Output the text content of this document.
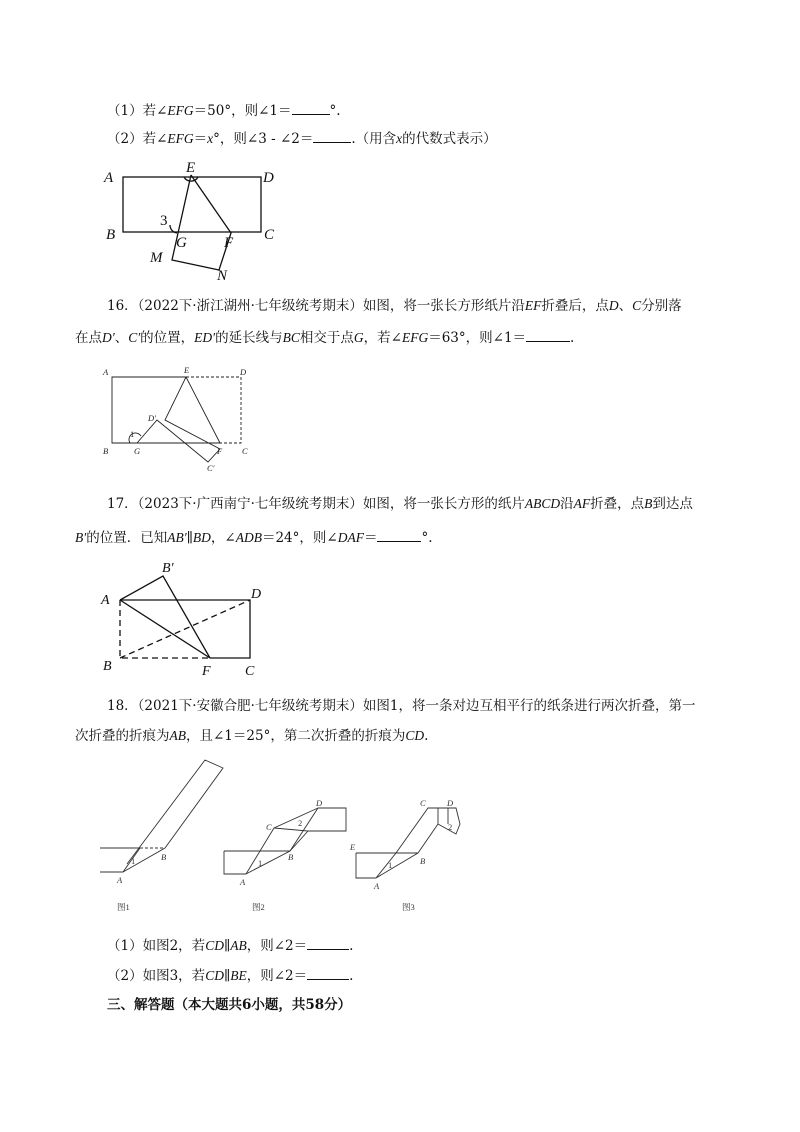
（1）若∠EFG＝50°，则∠1＝	°.
（2）若∠EFG＝x°，则∠3 - ∠2＝	.（用含x的代数式表示）
A
E
D
B	G F C
M
N
3
16．（2022下·浙江湖州·七年级统考期末）如图，将一张长方形纸片沿EF折叠后，点D、C分别落
在点D′、C′的位置，ED′的延长线与BC相交于点G，若∠EFG＝63°，则∠1＝	.
A	E	D
D′
1
B	G	F C
C′
17．（2023下·广西南宁·七年级统考期末）如图，将一张长方形的纸片ABCD沿AF折叠，点B到达点
B′的位置．已知AB′∥BD，∠ADB＝24°，则∠DAF＝	°.
B′
A	D
B	F C
18．（2021下·安徽合肥·七年级统考期末）如图1，将一条对边互相平行的纸条进行两次折叠，第一
次折叠的折痕为AB，且∠1＝25°，第二次折叠的折痕为CD.
A
B
1
图1
A
B
C
D
1
2
图2
E
A
B
C	D
1
2
图3
（1）如图2，若CD∥AB，则∠2＝	.
（2）如图3，若CD∥BE，则∠2＝	.
三、解答题（本大题共6小题，共58分）
